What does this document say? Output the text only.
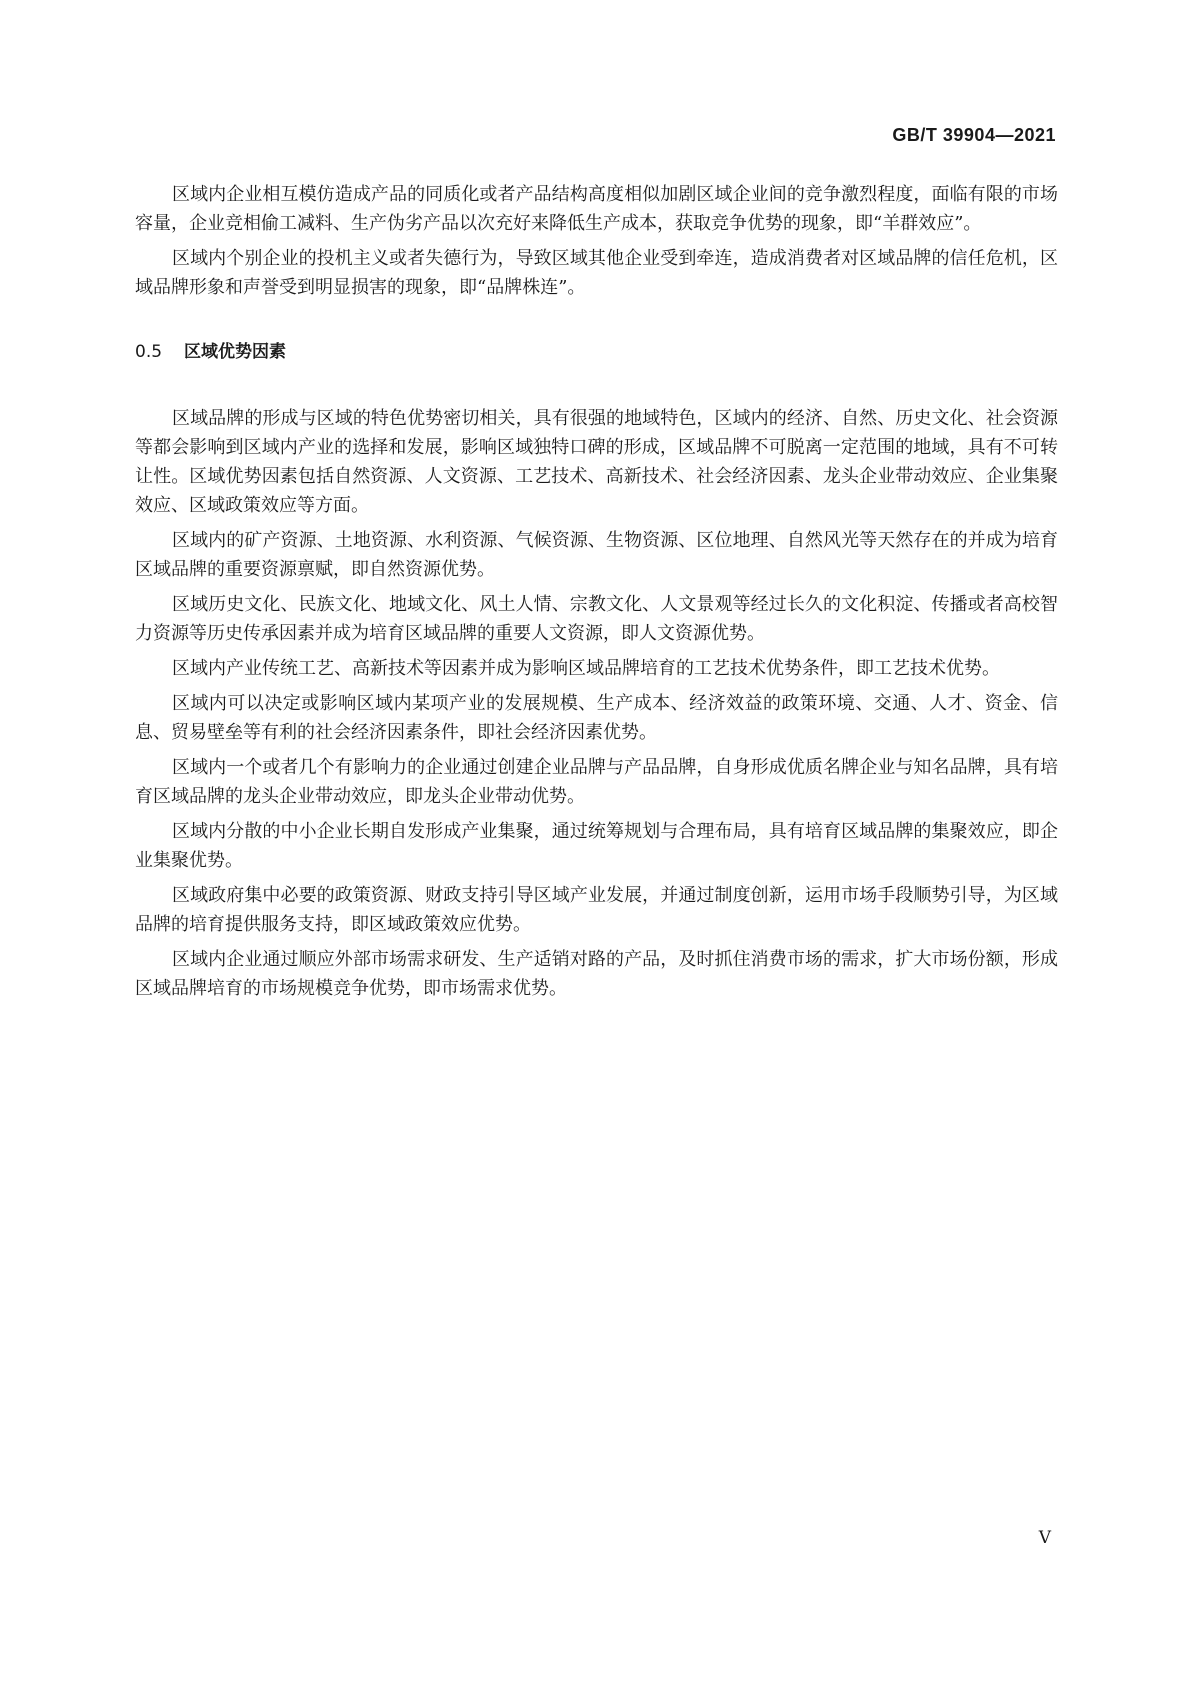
GB/T 39904—2021

区域内企业相互模仿造成产品的同质化或者产品结构高度相似加剧区域企业间的竞争激烈程度，面临有限的市场容量，企业竞相偷工减料、生产伪劣产品以次充好来降低生产成本，获取竞争优势的现象，即“羊群效应”。

区域内个别企业的投机主义或者失德行为，导致区域其他企业受到牵连，造成消费者对区域品牌的信任危机，区域品牌形象和声誉受到明显损害的现象，即“品牌株连”。

0.5 区域优势因素

区域品牌的形成与区域的特色优势密切相关，具有很强的地域特色，区域内的经济、自然、历史文化、社会资源等都会影响到区域内产业的选择和发展，影响区域独特口碑的形成，区域品牌不可脱离一定范围的地域，具有不可转让性。区域优势因素包括自然资源、人文资源、工艺技术、高新技术、社会经济因素、龙头企业带动效应、企业集聚效应、区域政策效应等方面。

区域内的矿产资源、土地资源、水利资源、气候资源、生物资源、区位地理、自然风光等天然存在的并成为培育区域品牌的重要资源禀赋，即自然资源优势。

区域历史文化、民族文化、地域文化、风土人情、宗教文化、人文景观等经过长久的文化积淀、传播或者高校智力资源等历史传承因素并成为培育区域品牌的重要人文资源，即人文资源优势。

区域内产业传统工艺、高新技术等因素并成为影响区域品牌培育的工艺技术优势条件，即工艺技术优势。

区域内可以决定或影响区域内某项产业的发展规模、生产成本、经济效益的政策环境、交通、人才、资金、信息、贸易壁垒等有利的社会经济因素条件，即社会经济因素优势。

区域内一个或者几个有影响力的企业通过创建企业品牌与产品品牌，自身形成优质名牌企业与知名品牌，具有培育区域品牌的龙头企业带动效应，即龙头企业带动优势。

区域内分散的中小企业长期自发形成产业集聚，通过统筹规划与合理布局，具有培育区域品牌的集聚效应，即企业集聚优势。

区域政府集中必要的政策资源、财政支持引导区域产业发展，并通过制度创新，运用市场手段顺势引导，为区域品牌的培育提供服务支持，即区域政策效应优势。

区域内企业通过顺应外部市场需求研发、生产适销对路的产品，及时抓住消费市场的需求，扩大市场份额，形成区域品牌培育的市场规模竞争优势，即市场需求优势。

V
